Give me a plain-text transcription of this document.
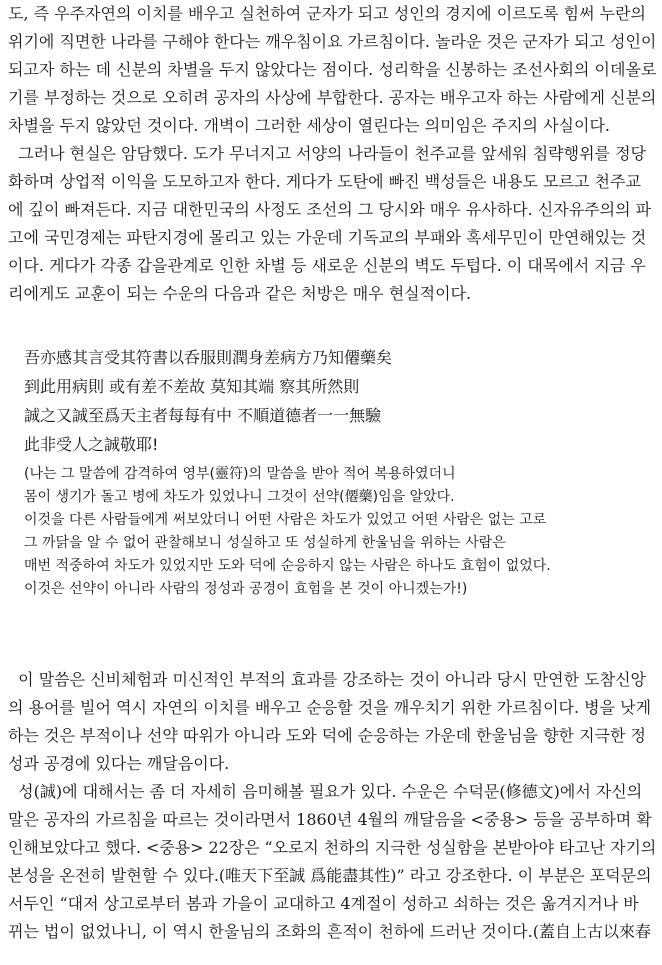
도, 즉 우주자연의 이치를 배우고 실천하여 군자가 되고 성인의 경지에 이르도록 힘써 누란의
위기에 직면한 나라를 구해야 한다는 깨우침이요 가르침이다. 놀라운 것은 군자가 되고 성인이
되고자 하는 데 신분의 차별을 두지 않았다는 점이다. 성리학을 신봉하는 조선사회의 이데올로
기를 부정하는 것으로 오히려 공자의 사상에 부합한다. 공자는 배우고자 하는 사람에게 신분의
차별을 두지 않았던 것이다. 개벽이 그러한 세상이 열린다는 의미임은 주지의 사실이다.
그러나 현실은 암담했다. 도가 무너지고 서양의 나라들이 천주교를 앞세워 침략행위를 정당
화하며 상업적 이익을 도모하고자 한다. 게다가 도탄에 빠진 백성들은 내용도 모르고 천주교
에 깊이 빠져든다. 지금 대한민국의 사정도 조선의 그 당시와 매우 유사하다. 신자유주의의 파
고에 국민경제는 파탄지경에 몰리고 있는 가운데 기독교의 부패와 혹세무민이 만연해있는 것
이다. 게다가 각종 갑을관계로 인한 차별 등 새로운 신분의 벽도 두텁다. 이 대목에서 지금 우
리에게도 교훈이 되는 수운의 다음과 같은 처방은 매우 현실적이다.
吾亦感其言受其符書以呑服則潤身差病方乃知僊藥矣
到此用病則 或有差不差故 莫知其端 察其所然則
誠之又誠至爲天主者每每有中 不順道德者一一無驗
此非受人之誠敬耶!
(나는 그 말씀에 감격하여 영부(靈符)의 말씀을 받아 적어 복용하였더니
몸이 생기가 돌고 병에 차도가 있었나니 그것이 선약(僊藥)임을 알았다.
이것을 다른 사람들에게 써보았더니 어떤 사람은 차도가 있었고 어떤 사람은 없는 고로
그 까닭을 알 수 없어 관찰해보니 성실하고 또 성실하게 한울님을 위하는 사람은
매번 적중하여 차도가 있었지만 도와 덕에 순응하지 않는 사람은 하나도 효험이 없었다.
이것은 선약이 아니라 사람의 정성과 공경이 효험을 본 것이 아니겠는가!)
이 말씀은 신비체험과 미신적인 부적의 효과를 강조하는 것이 아니라 당시 만연한 도참신앙
의 용어를 빌어 역시 자연의 이치를 배우고 순응할 것을 깨우치기 위한 가르침이다. 병을 낫게
하는 것은 부적이나 선약 따위가 아니라 도와 덕에 순응하는 가운데 한울님을 향한 지극한 정
성과 공경에 있다는 깨달음이다.
성(誠)에 대해서는 좀 더 자세히 음미해볼 필요가 있다. 수운은 수덕문(修德文)에서 자신의
말은 공자의 가르침을 따르는 것이라면서 1860년 4월의 깨달음을 <중용> 등을 공부하며 확
인해보았다고 했다. <중용> 22장은 “오로지 천하의 지극한 성실함을 본받아야 타고난 자기의
본성을 온전히 발현할 수 있다.(唯天下至誠 爲能盡其性)” 라고 강조한다. 이 부분은 포덕문의
서두인 “대저 상고로부터 봄과 가을이 교대하고 4계절이 성하고 쇠하는 것은 옮겨지거나 바
뀌는 법이 없었나니, 이 역시 한울님의 조화의 흔적이 천하에 드러난 것이다.(蓋自上古以來春
